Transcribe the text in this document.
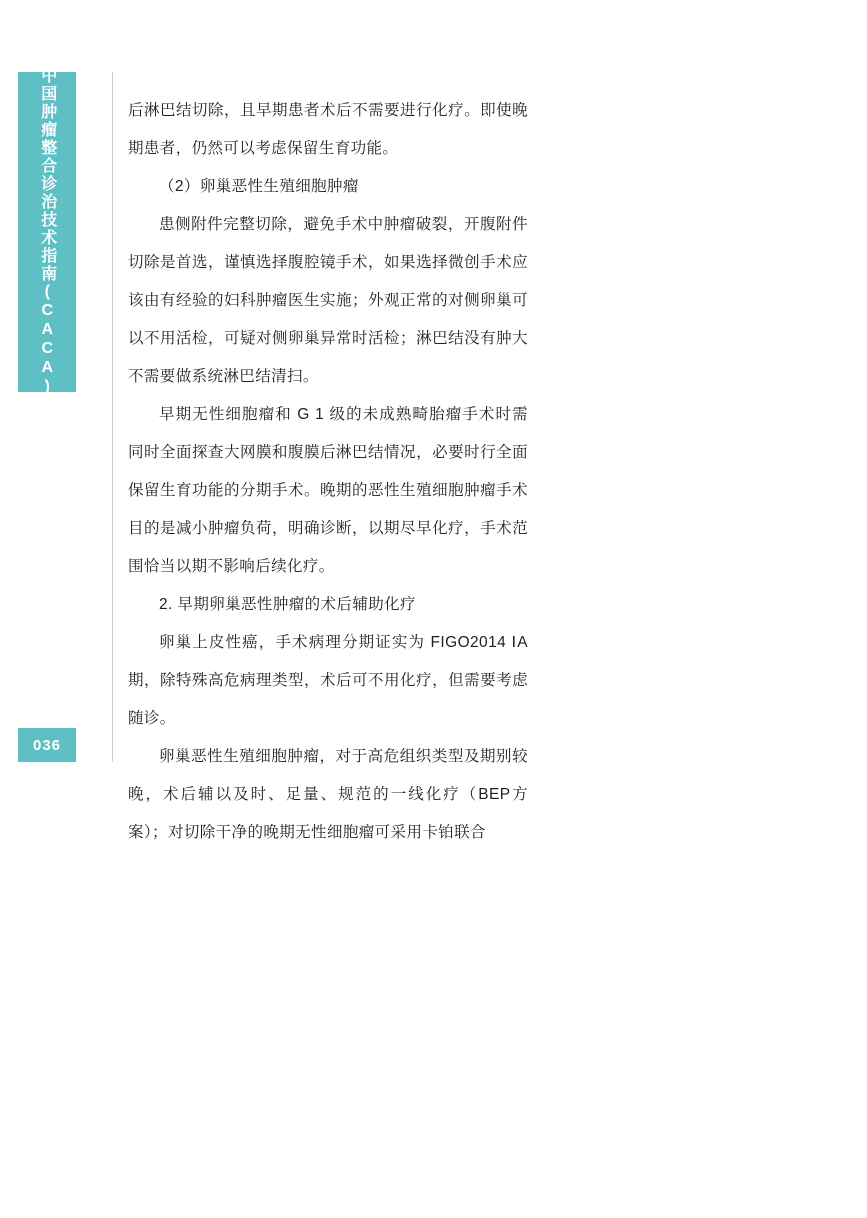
中国肿瘤整合诊治技术指南(CACA)
036

后淋巴结切除，且早期患者术后不需要进行化疗。即使晚期患者，仍然可以考虑保留生育功能。

（2）卵巢恶性生殖细胞肿瘤

患侧附件完整切除，避免手术中肿瘤破裂，开腹附件切除是首选，谨慎选择腹腔镜手术，如果选择微创手术应该由有经验的妇科肿瘤医生实施；外观正常的对侧卵巢可以不用活检，可疑对侧卵巢异常时活检；淋巴结没有肿大不需要做系统淋巴结清扫。

早期无性细胞瘤和 G 1 级的未成熟畸胎瘤手术时需同时全面探查大网膜和腹膜后淋巴结情况，必要时行全面保留生育功能的分期手术。晚期的恶性生殖细胞肿瘤手术目的是减小肿瘤负荷，明确诊断，以期尽早化疗，手术范围恰当以期不影响后续化疗。

2. 早期卵巢恶性肿瘤的术后辅助化疗

卵巢上皮性癌，手术病理分期证实为 FIGO2014 ⅠA 期，除特殊高危病理类型，术后可不用化疗，但需要考虑随诊。

卵巢恶性生殖细胞肿瘤，对于高危组织类型及期别较晚，术后辅以及时、足量、规范的一线化疗（BEP方案）；对切除干净的晚期无性细胞瘤可采用卡铂联合
